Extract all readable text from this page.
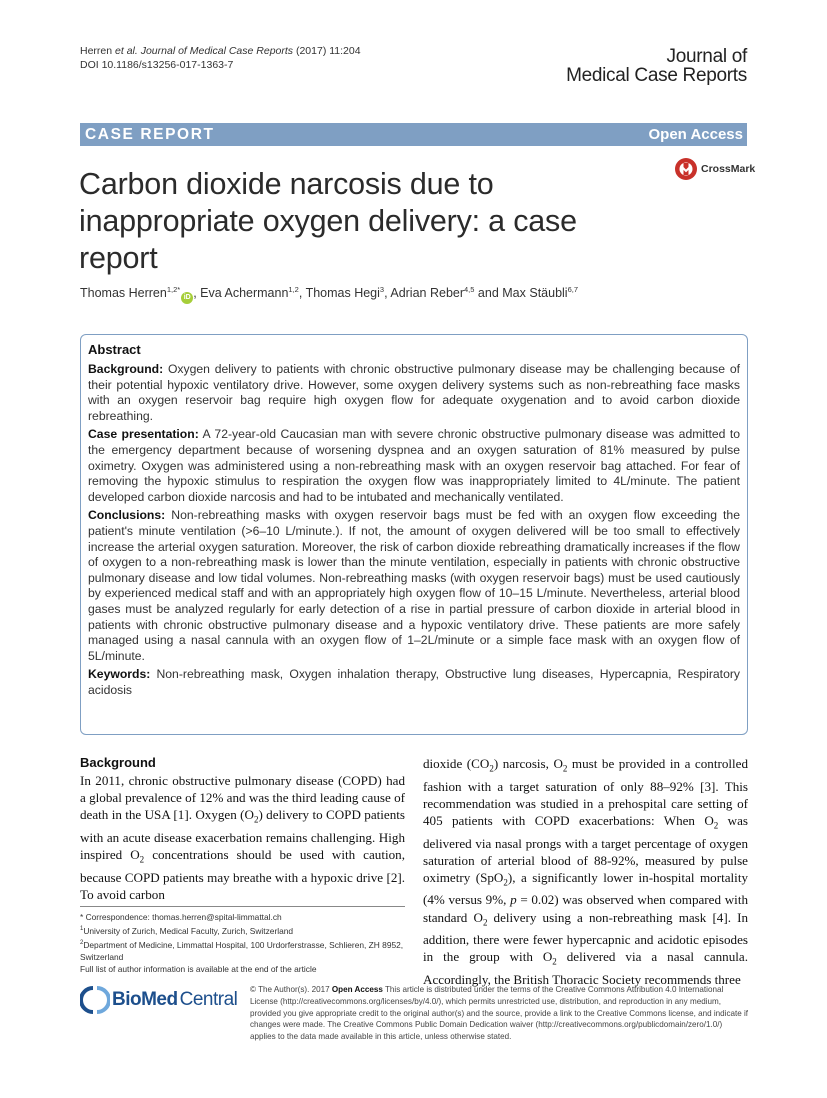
Herren et al. Journal of Medical Case Reports (2017) 11:204
DOI 10.1186/s13256-017-1363-7	Journal of
Medical Case Reports
CASE REPORT	Open Access
Carbon dioxide narcosis due to inappropriate oxygen delivery: a case report
CrossMark
Thomas Herren$^{1,2*}$iD , Eva Achermann$^{1,2}$, Thomas Hegi$^3$, Adrian Reber$^{4,5}$ and Max Stäubli$^{6,7}$
Abstract

Background: Oxygen delivery to patients with chronic obstructive pulmonary disease may be challenging because of their potential hypoxic ventilatory drive. However, some oxygen delivery systems such as non-rebreathing face masks with an oxygen reservoir bag require high oxygen flow for adequate oxygenation and to avoid carbon dioxide rebreathing.

Case presentation: A 72-year-old Caucasian man with severe chronic obstructive pulmonary disease was admitted to the emergency department because of worsening dyspnea and an oxygen saturation of 81% measured by pulse oximetry. Oxygen was administered using a non-rebreathing mask with an oxygen reservoir bag attached. For fear of removing the hypoxic stimulus to respiration the oxygen flow was inappropriately limited to 4L/minute. The patient developed carbon dioxide narcosis and had to be intubated and mechanically ventilated.

Conclusions: Non-rebreathing masks with oxygen reservoir bags must be fed with an oxygen flow exceeding the patient's minute ventilation (>6–10 L/minute.). If not, the amount of oxygen delivered will be too small to effectively increase the arterial oxygen saturation. Moreover, the risk of carbon dioxide rebreathing dramatically increases if the flow of oxygen to a non-rebreathing mask is lower than the minute ventilation, especially in patients with chronic obstructive pulmonary disease and low tidal volumes. Non-rebreathing masks (with oxygen reservoir bags) must be used cautiously by experienced medical staff and with an appropriately high oxygen flow of 10–15 L/minute. Nevertheless, arterial blood gases must be analyzed regularly for early detection of a rise in partial pressure of carbon dioxide in arterial blood in patients with chronic obstructive pulmonary disease and a hypoxic ventilatory drive. These patients are more safely managed using a nasal cannula with an oxygen flow of 1–2L/minute or a simple face mask with an oxygen flow of 5L/minute.

Keywords: Non-rebreathing mask, Oxygen inhalation therapy, Obstructive lung diseases, Hypercapnia, Respiratory acidosis

Background

In 2011, chronic obstructive pulmonary disease (COPD) had a global prevalence of 12% and was the third leading cause of death in the USA [1]. Oxygen $(O_2)$ delivery to COPD patients with an acute disease exacerbation remains challenging. High inspired $O_2$ concentrations should be used with caution, because COPD patients may breathe with a hypoxic drive [2]. To avoid carbon

dioxide $(CO_2)$ narcosis, $O_2$ must be provided in a controlled fashion with a target saturation of only 88–92% [3]. This recommendation was studied in a prehospital care setting of 405 patients with COPD exacerbations: When $O_2$ was delivered via nasal prongs with a target percentage of oxygen saturation of arterial blood of 88-92%, measured by pulse oximetry (SpO$_2$), a significantly lower in-hospital mortality (4% versus 9%, p = 0.02) was observed when compared with standard $O_2$ delivery using a non-rebreathing mask [4]. In addition, there were fewer hypercapnic and acidotic episodes in the group with $O_2$ delivered via a nasal cannula. Accordingly, the British Thoracic Society recommends three

* Correspondence: thomas.herren@spital-limmattal.ch
$^1$University of Zurich, Medical Faculty, Zurich, Switzerland
$^2$Department of Medicine, Limmattal Hospital, 100 Urdorferstrasse, Schlieren, ZH 8952, Switzerland
Full list of author information is available at the end of the article
BioMed Central © The Author(s). 2017 Open Access This article is distributed under the terms of the Creative Commons Attribution 4.0 International License (http://creativecommons.org/licenses/by/4.0/), which permits unrestricted use, distribution, and reproduction in any medium, provided you give appropriate credit to the original author(s) and the source, provide a link to the Creative Commons license, and indicate if changes were made. The Creative Commons Public Domain Dedication waiver (http://creativecommons.org/publicdomain/zero/1.0/) applies to the data made available in this article, unless otherwise stated.
